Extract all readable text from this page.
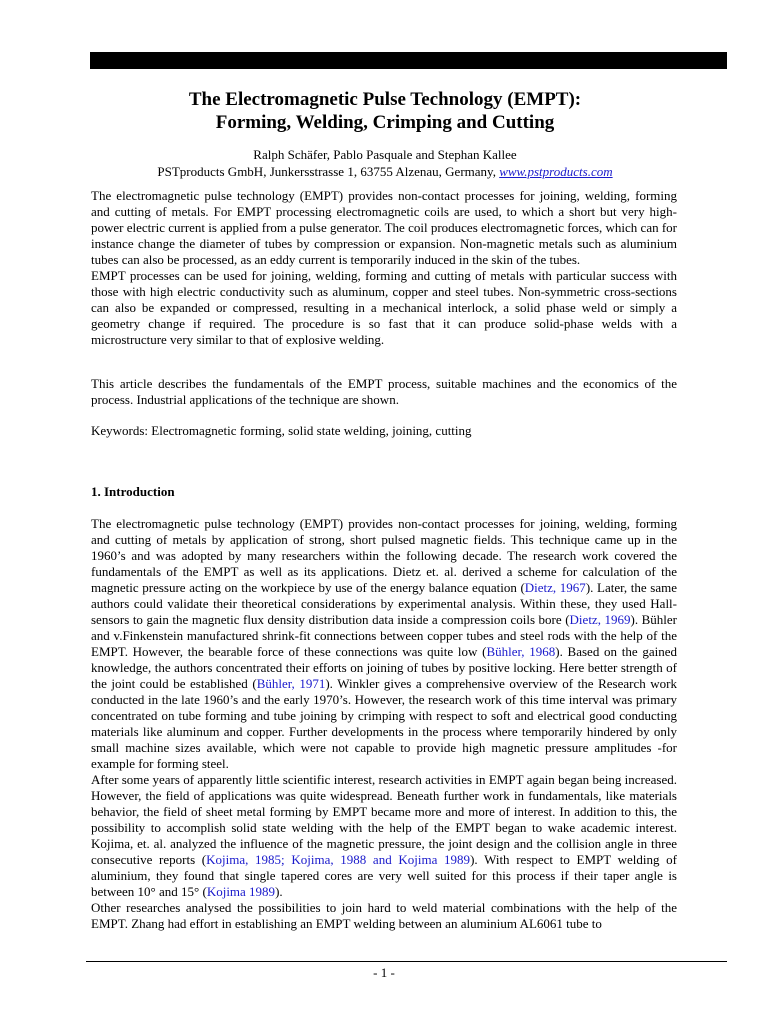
The Electromagnetic Pulse Technology (EMPT):
Forming, Welding, Crimping and Cutting
Ralph Schäfer, Pablo Pasquale and Stephan Kallee
PSTproducts GmbH, Junkersstrasse 1, 63755 Alzenau, Germany, www.pstproducts.com

The electromagnetic pulse technology (EMPT) provides non-contact processes for joining, welding, forming and cutting of metals. For EMPT processing electromagnetic coils are used, to which a short but very high-power electric current is applied from a pulse generator. The coil produces electromagnetic forces, which can for instance change the diameter of tubes by compression or expansion. Non-magnetic metals such as aluminium tubes can also be processed, as an eddy current is temporarily induced in the skin of the tubes.

EMPT processes can be used for joining, welding, forming and cutting of metals with particular success with those with high electric conductivity such as aluminum, copper and steel tubes. Non-symmetric cross-sections can also be expanded or compressed, resulting in a mechanical interlock, a solid phase weld or simply a geometry change if required. The procedure is so fast that it can produce solid-phase welds with a microstructure very similar to that of explosive welding.

This article describes the fundamentals of the EMPT process, suitable machines and the economics of the process. Industrial applications of the technique are shown.

Keywords: Electromagnetic forming, solid state welding, joining, cutting

1. Introduction

The electromagnetic pulse technology (EMPT) provides non-contact processes for joining, welding, forming and cutting of metals by application of strong, short pulsed magnetic fields. This technique came up in the 1960’s and was adopted by many researchers within the following decade. The research work covered the fundamentals of the EMPT as well as its applications. Dietz et. al. derived a scheme for calculation of the magnetic pressure acting on the workpiece by use of the energy balance equation (Dietz, 1967). Later, the same authors could validate their theoretical considerations by experimental analysis. Within these, they used Hall-sensors to gain the magnetic flux density distribution data inside a compression coils bore (Dietz, 1969). Bühler and v.Finkenstein manufactured shrink-fit connections between copper tubes and steel rods with the help of the EMPT. However, the bearable force of these connections was quite low (Bühler, 1968). Based on the gained knowledge, the authors concentrated their efforts on joining of tubes by positive locking. Here better strength of the joint could be established (Bühler, 1971). Winkler gives a comprehensive overview of the Research work conducted in the late 1960’s and the early 1970’s. However, the research work of this time interval was primary concentrated on tube forming and tube joining by crimping with respect to soft and electrical good conducting materials like aluminum and copper. Further developments in the process where temporarily hindered by only small machine sizes available, which were not capable to provide high magnetic pressure amplitudes -for example for forming steel.

After some years of apparently little scientific interest, research activities in EMPT again began being increased. However, the field of applications was quite widespread. Beneath further work in fundamentals, like materials behavior, the field of sheet metal forming by EMPT became more and more of interest. In addition to this, the possibility to accomplish solid state welding with the help of the EMPT began to wake academic interest. Kojima, et. al. analyzed the influence of the magnetic pressure, the joint design and the collision angle in three consecutive reports (Kojima, 1985; Kojima, 1988 and Kojima 1989). With respect to EMPT welding of aluminium, they found that single tapered cores are very well suited for this process if their taper angle is between 10° and 15° (Kojima 1989).

Other researches analysed the possibilities to join hard to weld material combinations with the help of the EMPT. Zhang had effort in establishing an EMPT welding between an aluminium AL6061 tube to

- 1 -
